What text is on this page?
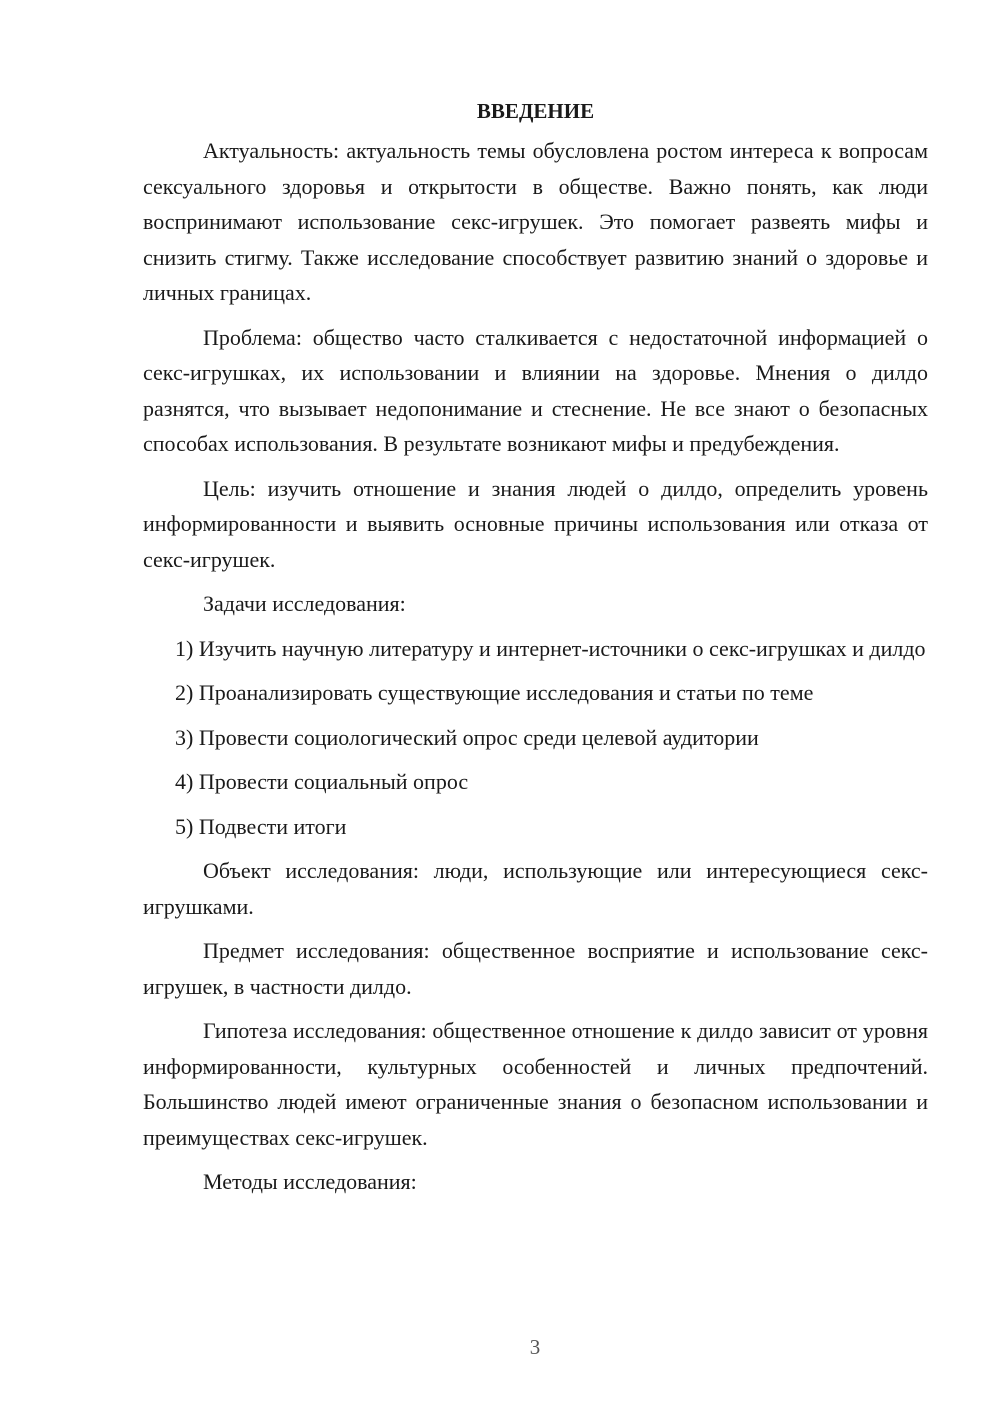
ВВЕДЕНИЕ

Актуальность: актуальность темы обусловлена ростом интереса к вопросам сексуального здоровья и открытости в обществе. Важно понять, как люди воспринимают использование секс-игрушек. Это помогает развеять мифы и снизить стигму. Также исследование способствует развитию знаний о здоровье и личных границах.

Проблема: общество часто сталкивается с недостаточной информацией о секс-игрушках, их использовании и влиянии на здоровье. Мнения о дилдо разнятся, что вызывает недопонимание и стеснение. Не все знают о безопасных способах использования. В результате возникают мифы и предубеждения.

Цель: изучить отношение и знания людей о дилдо, определить уровень информированности и выявить основные причины использования или отказа от секс-игрушек.

Задачи исследования:

1) Изучить научную литературу и интернет-источники о секс-игрушках и дилдо

2) Проанализировать существующие исследования и статьи по теме

3) Провести социологический опрос среди целевой аудитории

4) Провести социальный опрос

5) Подвести итоги

Объект исследования: люди, использующие или интересующиеся секс-игрушками.

Предмет исследования: общественное восприятие и использование секс-игрушек, в частности дилдо.

Гипотеза исследования: общественное отношение к дилдо зависит от уровня информированности, культурных особенностей и личных предпочтений. Большинство людей имеют ограниченные знания о безопасном использовании и преимуществах секс-игрушек.

Методы исследования:

3
